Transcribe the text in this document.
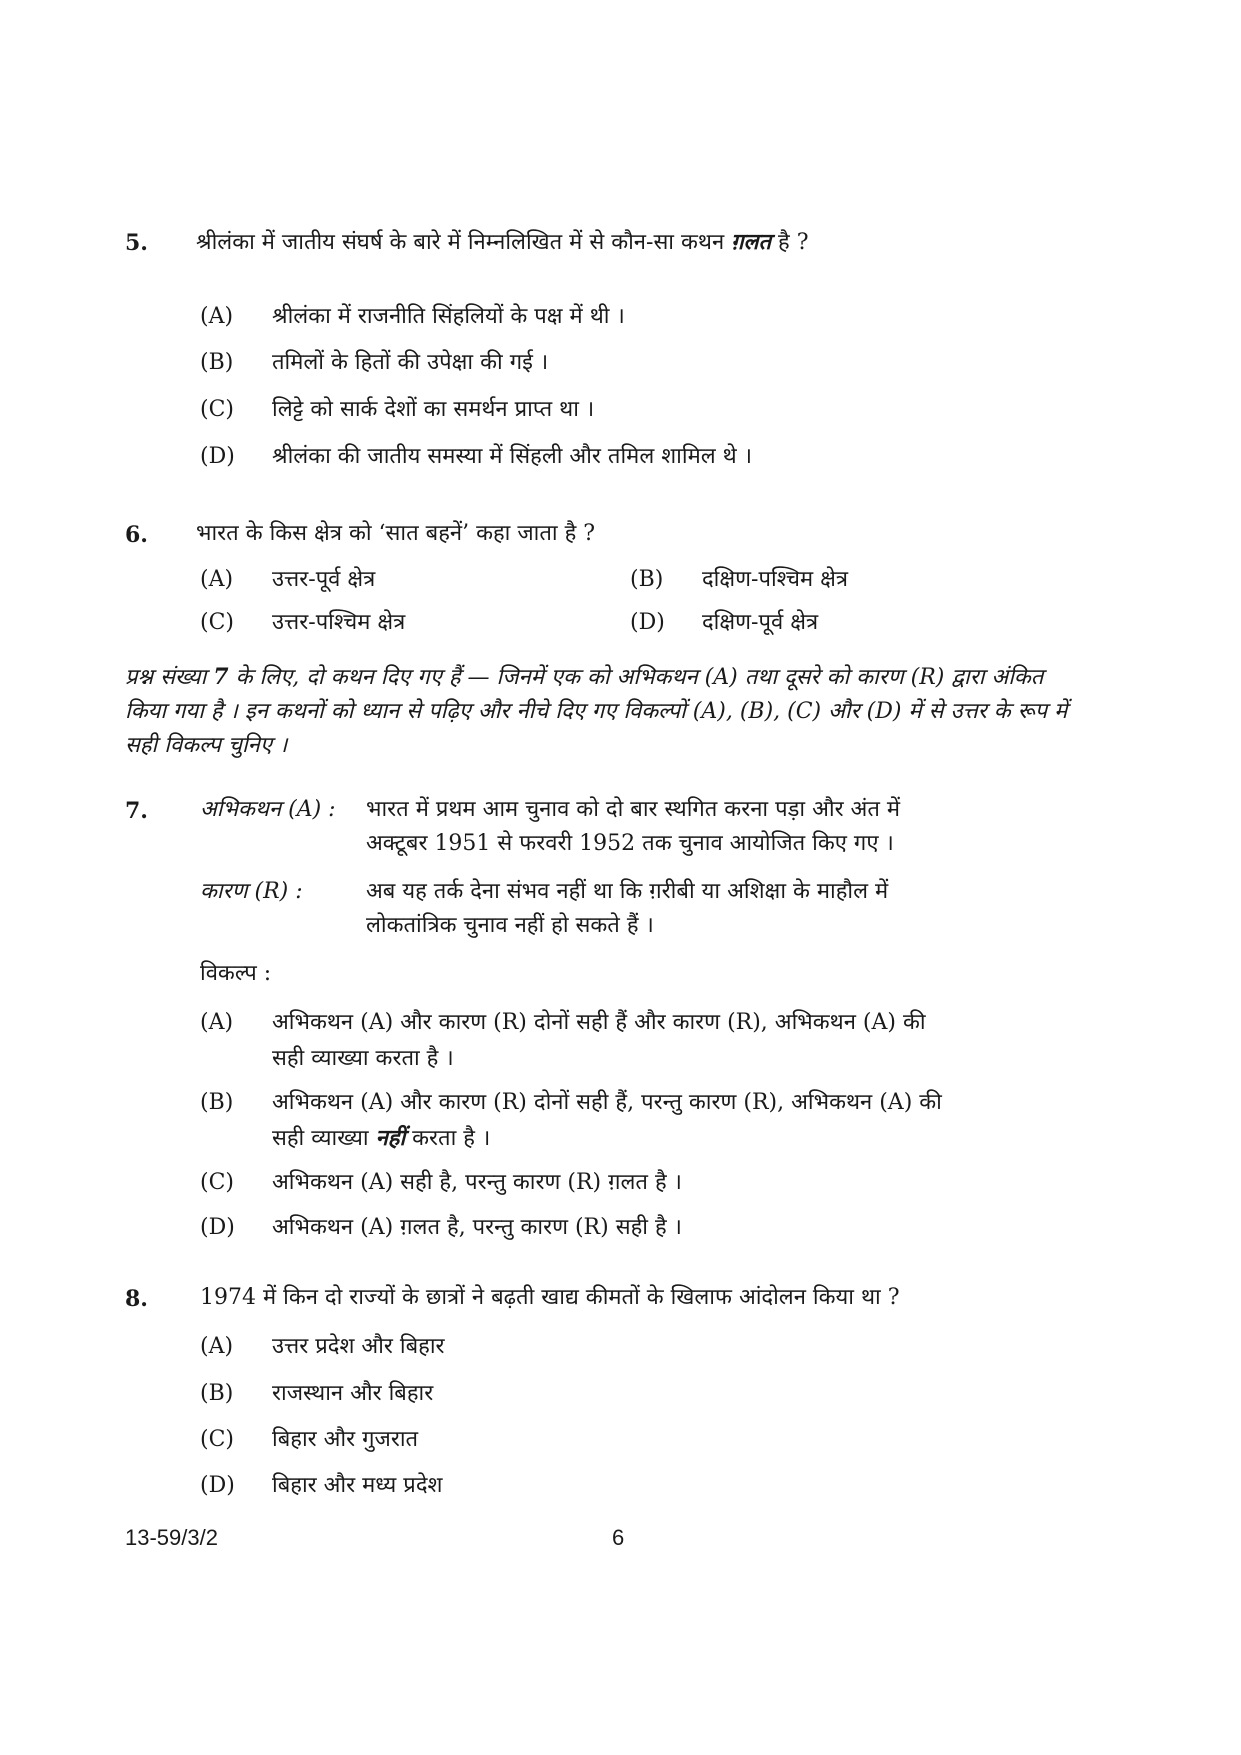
5. श्रीलंका में जातीय संघर्ष के बारे में निम्नलिखित में से कौन-सा कथन ग़लत है ?
(A) श्रीलंका में राजनीति सिंहलियों के पक्ष में थी ।
(B) तमिलों के हितों की उपेक्षा की गई ।
(C) लिट्टे को सार्क देशों का समर्थन प्राप्त था ।
(D) श्रीलंका की जातीय समस्या में सिंहली और तमिल शामिल थे ।
6. भारत के किस क्षेत्र को ‘सात बहनें’ कहा जाता है ?
(A) उत्तर-पूर्व क्षेत्र	(B) दक्षिण-पश्चिम क्षेत्र
(C) उत्तर-पश्चिम क्षेत्र	(D) दक्षिण-पूर्व क्षेत्र
प्रश्न संख्या 7 के लिए, दो कथन दिए गए हैं — जिनमें एक को अभिकथन (A) तथा दूसरे को कारण (R) द्वारा अंकित किया गया है । इन कथनों को ध्यान से पढ़िए और नीचे दिए गए विकल्पों (A), (B), (C) और (D) में से उत्तर के रूप में सही विकल्प चुनिए ।
7. अभिकथन (A) : भारत में प्रथम आम चुनाव को दो बार स्थगित करना पड़ा और अंत में
अक्टूबर 1951 से फरवरी 1952 तक चुनाव आयोजित किए गए ।
कारण (R) :	अब यह तर्क देना संभव नहीं था कि ग़रीबी या अशिक्षा के माहौल में
लोकतांत्रिक चुनाव नहीं हो सकते हैं ।
विकल्प :
(A) अभिकथन (A) और कारण (R) दोनों सही हैं और कारण (R), अभिकथन (A) की
सही व्याख्या करता है ।
(B) अभिकथन (A) और कारण (R) दोनों सही हैं, परन्तु कारण (R), अभिकथन (A) की
सही व्याख्या नहीं करता है ।
(C) अभिकथन (A) सही है, परन्तु कारण (R) ग़लत है ।
(D) अभिकथन (A) ग़लत है, परन्तु कारण (R) सही है ।
8. 1974 में किन दो राज्यों के छात्रों ने बढ़ती खाद्य कीमतों के खिलाफ आंदोलन किया था ?
(A) उत्तर प्रदेश और बिहार
(B) राजस्थान और बिहार
(C) बिहार और गुजरात
(D) बिहार और मध्य प्रदेश
13-59/3/2	6
